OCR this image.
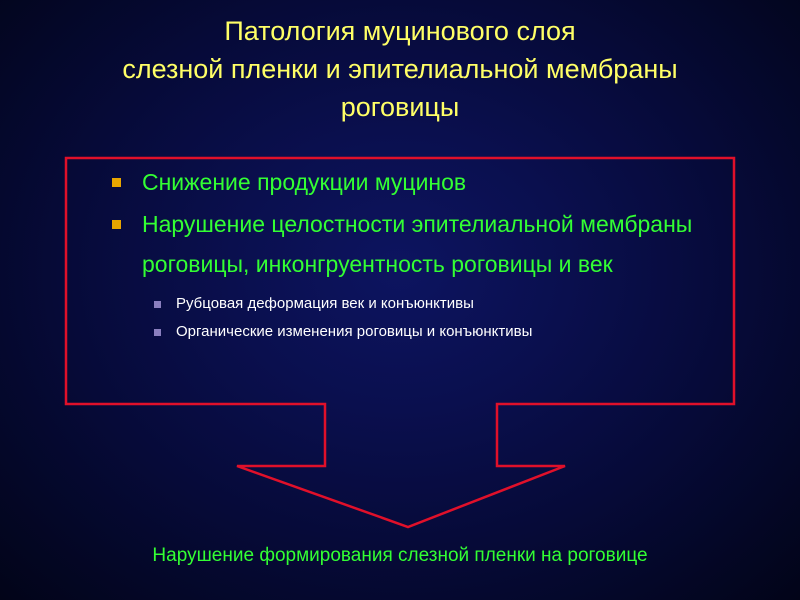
Патология муцинового слоя
слезной пленки и эпителиальной мембраны
роговицы
Снижение продукции муцинов
Нарушение целостности эпителиальной мембраны роговицы, инконгруентность роговицы и век
Рубцовая деформация век и конъюнктивы
Органические изменения роговицы и конъюнктивы
Нарушение формирования слезной пленки на роговице
